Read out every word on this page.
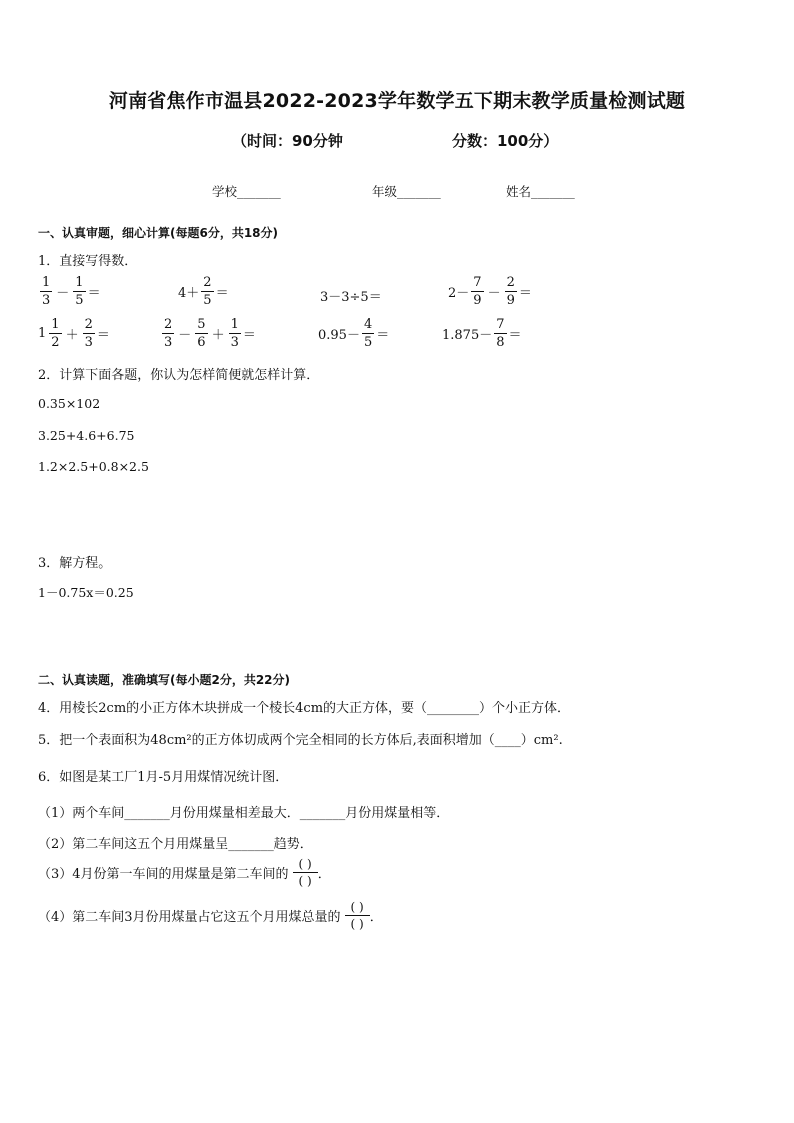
河南省焦作市温县2022-2023学年数学五下期末教学质量检测试题
（时间：90分钟	分数：100分）
学校_______	年级_______	姓名_______
一、认真审题，细心计算(每题6分，共18分)
1．直接写得数．
$\frac{1}{3} - \frac{1}{5}$ ＝	$4+ \frac{2}{5}$ ＝	3－3÷5＝	$2- \frac{7}{9} - \frac{2}{9}$ ＝
$1 \frac{1}{2} + \frac{2}{3}$ ＝	$\frac{2}{3} - \frac{5}{6} + \frac{1}{3}$ ＝	$0.95- \frac{4}{5}$ ＝	$1.875- \frac{7}{8}$ ＝
2．计算下面各题，你认为怎样简便就怎样计算．
0.35×102
3.25+4.6+6.75
1.2×2.5+0.8×2.5
3．解方程。
1－0.75x＝0.25
二、认真读题，准确填写(每小题2分，共22分)
4．用棱长2cm的小正方体木块拼成一个棱长4cm的大正方体，要（________）个小正方体．
5．把一个表面积为48cm²的正方体切成两个完全相同的长方体后,表面积增加（____）cm².
6．如图是某工厂1月-5月用煤情况统计图．
（1）两个车间_______月份用煤量相差最大．_______月份用煤量相等．
（2）第二车间这五个月用煤量呈_______趋势．
（3）4月份第一车间的用煤量是第二车间的 $\frac{( )}{( )}$ ．
（4）第二车间3月份用煤量占它这五个月用煤总量的 $\frac{( )}{( )}$ ．
